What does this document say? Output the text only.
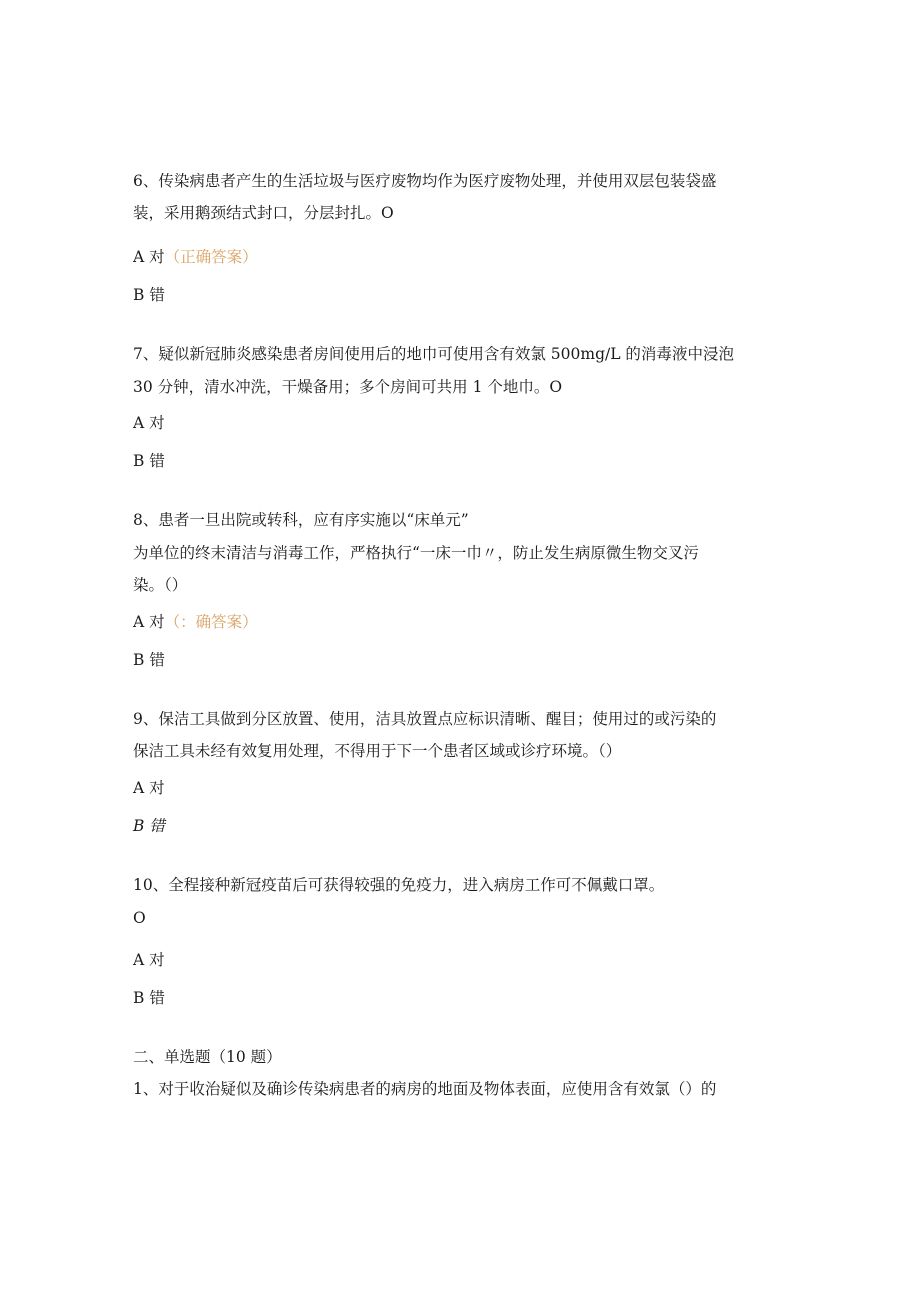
6、传染病患者产生的生活垃圾与医疗废物均作为医疗废物处理，并使用双层包装袋盛
装，采用鹅颈结式封口，分层封扎。O
A 对（正确答案）
B 错
7、疑似新冠肺炎感染患者房间使用后的地巾可使用含有效氯 500mg∕L 的消毒液中浸泡
30 分钟，清水冲洗，干燥备用；多个房间可共用 1 个地巾。O
A 对
B 错
8、患者一旦出院或转科，应有序实施以“床单元”
为单位的终末清洁与消毒工作，严格执行“一床一巾〃，防止发生病原微生物交叉污
染。（）
A 对（：确答案）
B 错
9、保洁工具做到分区放置、使用，洁具放置点应标识清晰、醒目；使用过的或污染的
保洁工具未经有效复用处理，不得用于下一个患者区域或诊疗环境。（）
A 对
B 错
10、全程接种新冠疫苗后可获得较强的免疫力，进入病房工作可不佩戴口罩。
O
A 对
B 错
二、单选题（10 题）
1、对于收治疑似及确诊传染病患者的病房的地面及物体表面，应使用含有效氯（）的
